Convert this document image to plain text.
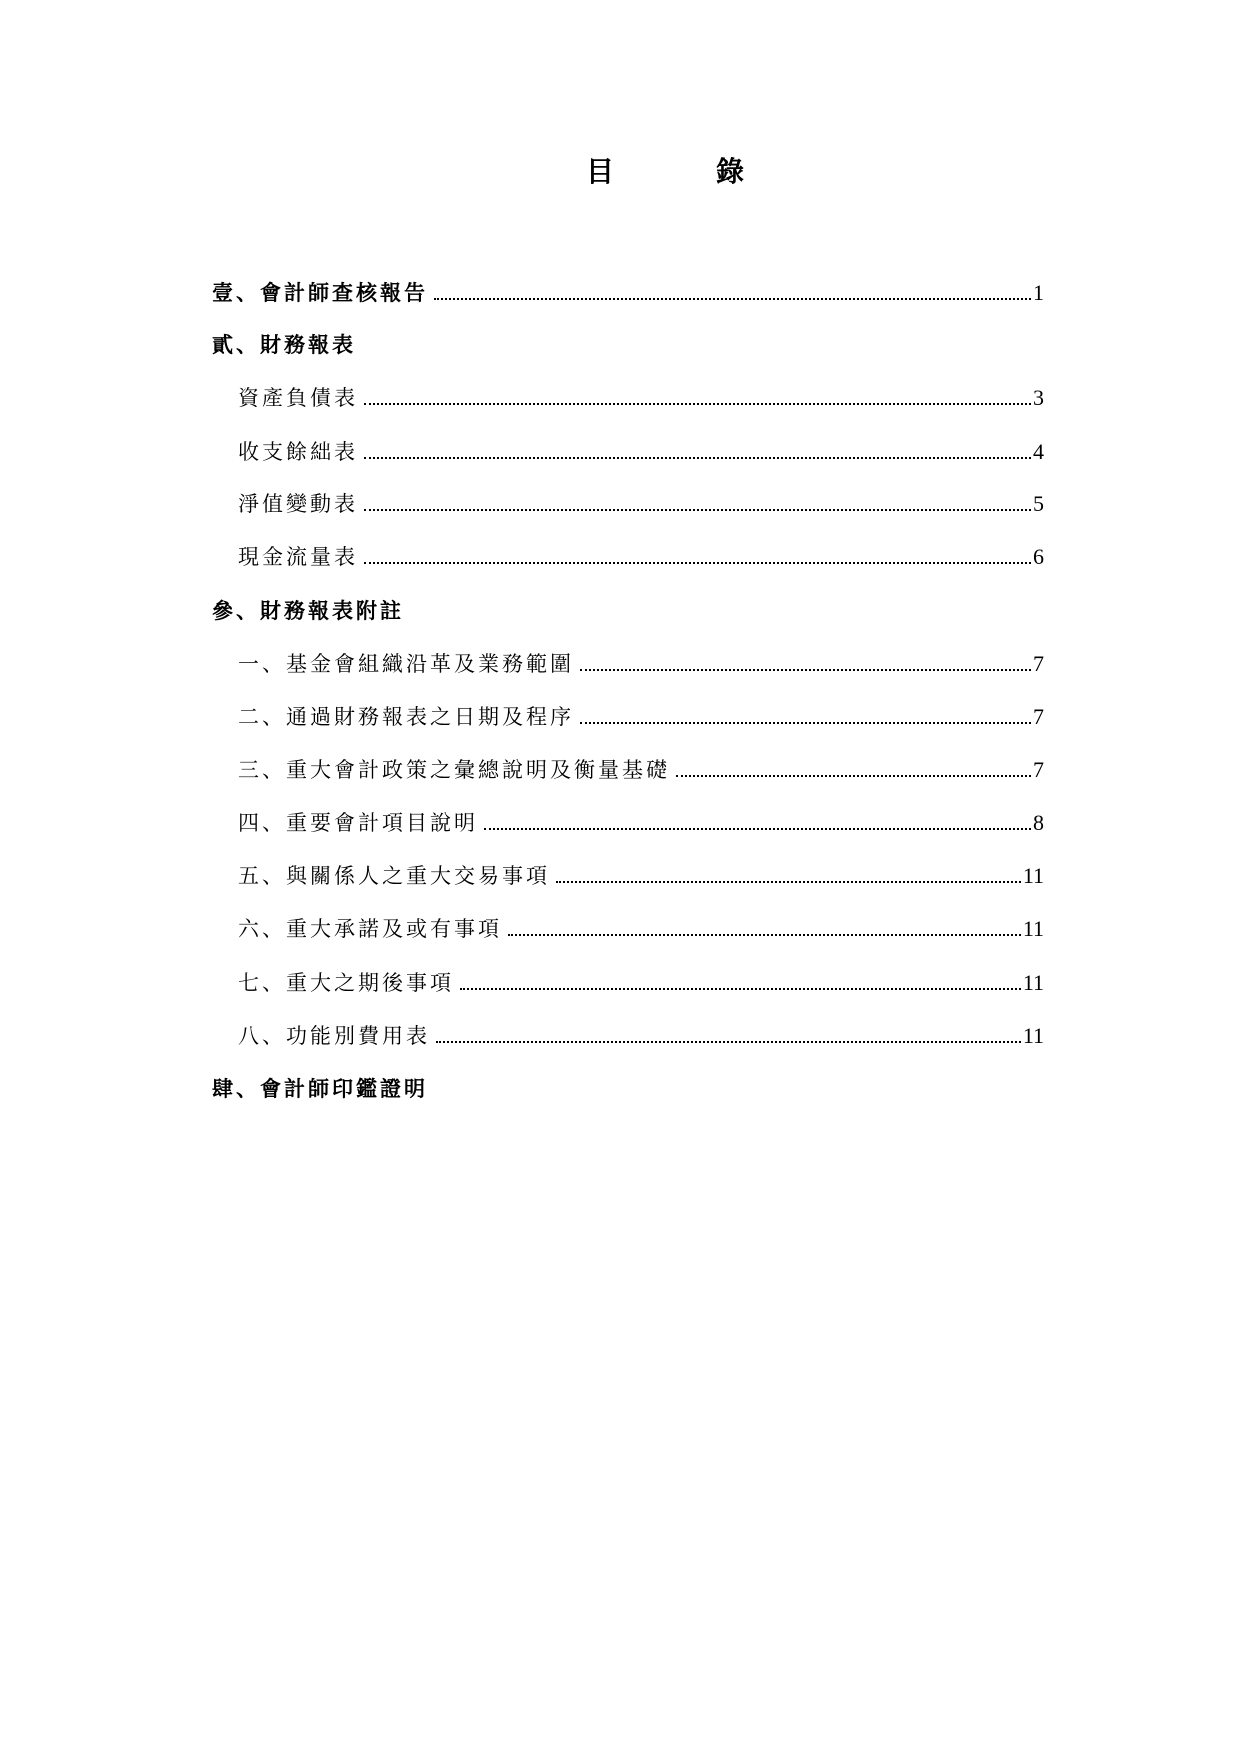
目	錄
壹、會計師查核報告	1
貳、財務報表
資產負債表	3
收支餘絀表	4
淨值變動表	5
現金流量表	6
參、財務報表附註
一、基金會組織沿革及業務範圍	7
二、通過財務報表之日期及程序	7
三、重大會計政策之彙總說明及衡量基礎	7
四、重要會計項目說明	8
五、與關係人之重大交易事項	11
六、重大承諾及或有事項	11
七、重大之期後事項	11
八、功能別費用表	11
肆、會計師印鑑證明
